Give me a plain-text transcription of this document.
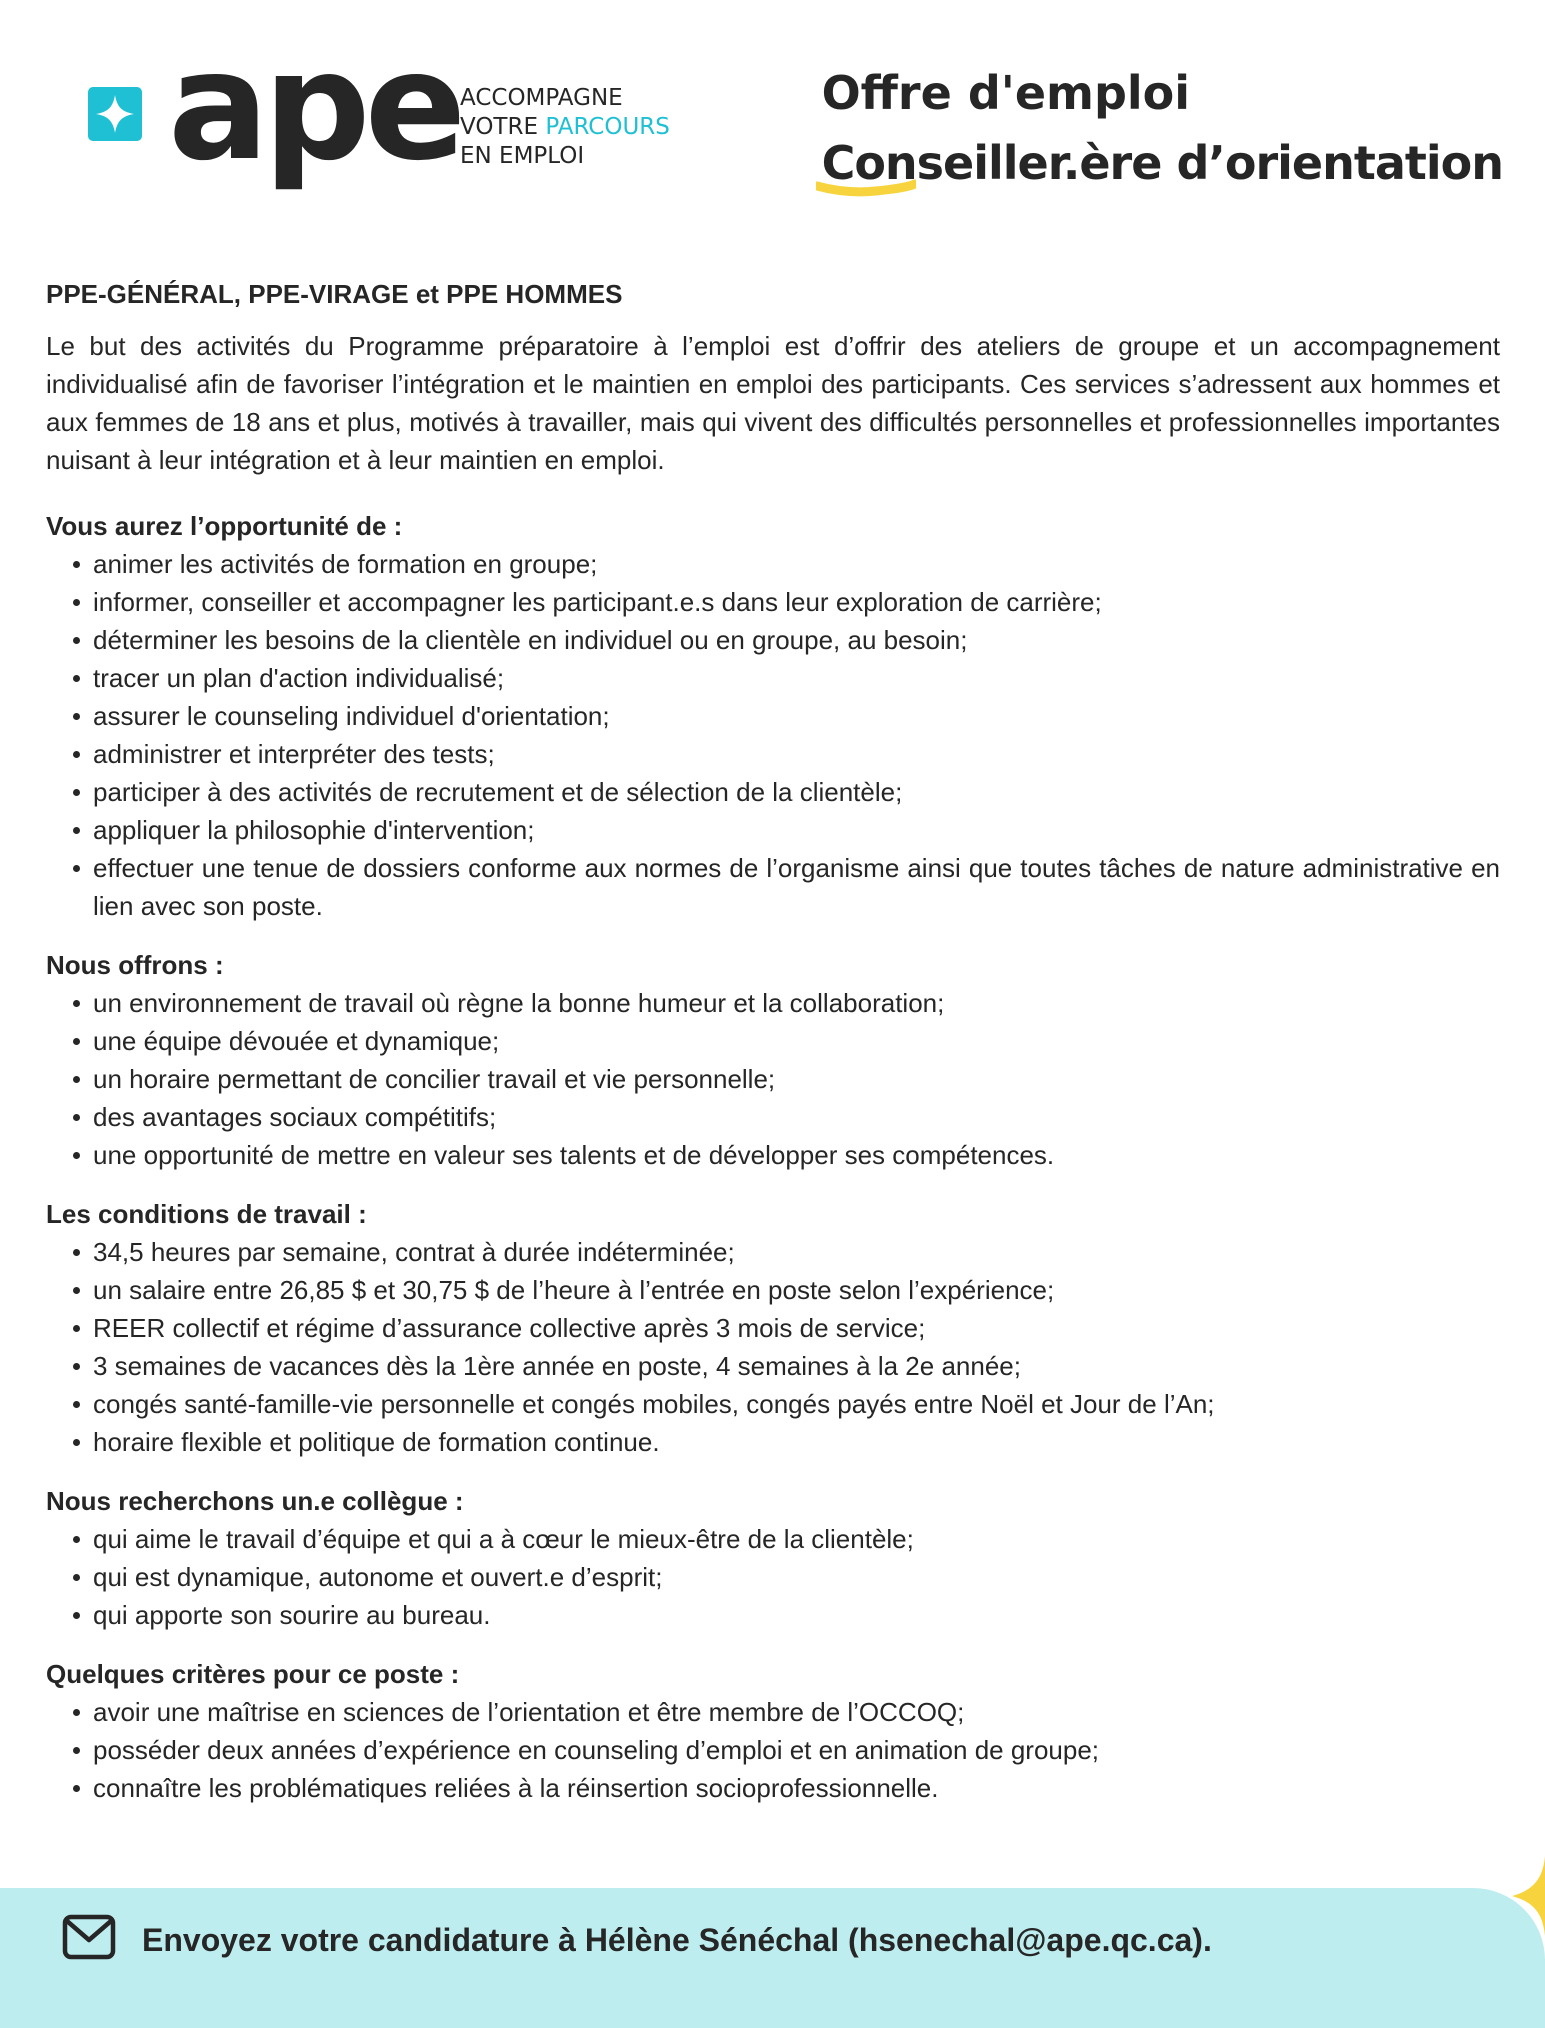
ape ACCOMPAGNE
VOTRE PARCOURS
EN EMPLOI
Offre d'emploi
Conseiller.ère d’orientation
PPE-GÉNÉRAL, PPE-VIRAGE et PPE HOMMES

Le but des activités du Programme préparatoire à l’emploi est d’offrir des ateliers de groupe et un accompagnement individualisé afin de favoriser l’intégration et le maintien en emploi des participants. Ces services s’adressent aux hommes et aux femmes de 18 ans et plus, motivés à travailler, mais qui vivent des difficultés personnelles et professionnelles importantes nuisant à leur intégration et à leur maintien en emploi.

Vous aurez l’opportunité de :
animer les activités de formation en groupe;
informer, conseiller et accompagner les participant.e.s dans leur exploration de carrière;
déterminer les besoins de la clientèle en individuel ou en groupe, au besoin;
tracer un plan d'action individualisé;
assurer le counseling individuel d'orientation;
administrer et interpréter des tests;
participer à des activités de recrutement et de sélection de la clientèle;
appliquer la philosophie d'intervention;
effectuer une tenue de dossiers conforme aux normes de l’organisme ainsi que toutes tâches de nature administrative en lien avec son poste.
Nous offrons :
un environnement de travail où règne la bonne humeur et la collaboration;
une équipe dévouée et dynamique;
un horaire permettant de concilier travail et vie personnelle;
des avantages sociaux compétitifs;
une opportunité de mettre en valeur ses talents et de développer ses compétences.
Les conditions de travail :
34,5 heures par semaine, contrat à durée indéterminée;
un salaire entre 26,85 $ et 30,75 $ de l’heure à l’entrée en poste selon l’expérience;
REER collectif et régime d’assurance collective après 3 mois de service;
3 semaines de vacances dès la 1ère année en poste, 4 semaines à la 2e année;
congés santé-famille-vie personnelle et congés mobiles, congés payés entre Noël et Jour de l’An;
horaire flexible et politique de formation continue.
Nous recherchons un.e collègue :
qui aime le travail d’équipe et qui a à cœur le mieux-être de la clientèle;
qui est dynamique, autonome et ouvert.e d’esprit;
qui apporte son sourire au bureau.
Quelques critères pour ce poste :
avoir une maîtrise en sciences de l’orientation et être membre de l’OCCOQ;
posséder deux années d’expérience en counseling d’emploi et en animation de groupe;
connaître les problématiques reliées à la réinsertion socioprofessionnelle.
Envoyez votre candidature à Hélène Sénéchal (hsenechal@ape.qc.ca).
